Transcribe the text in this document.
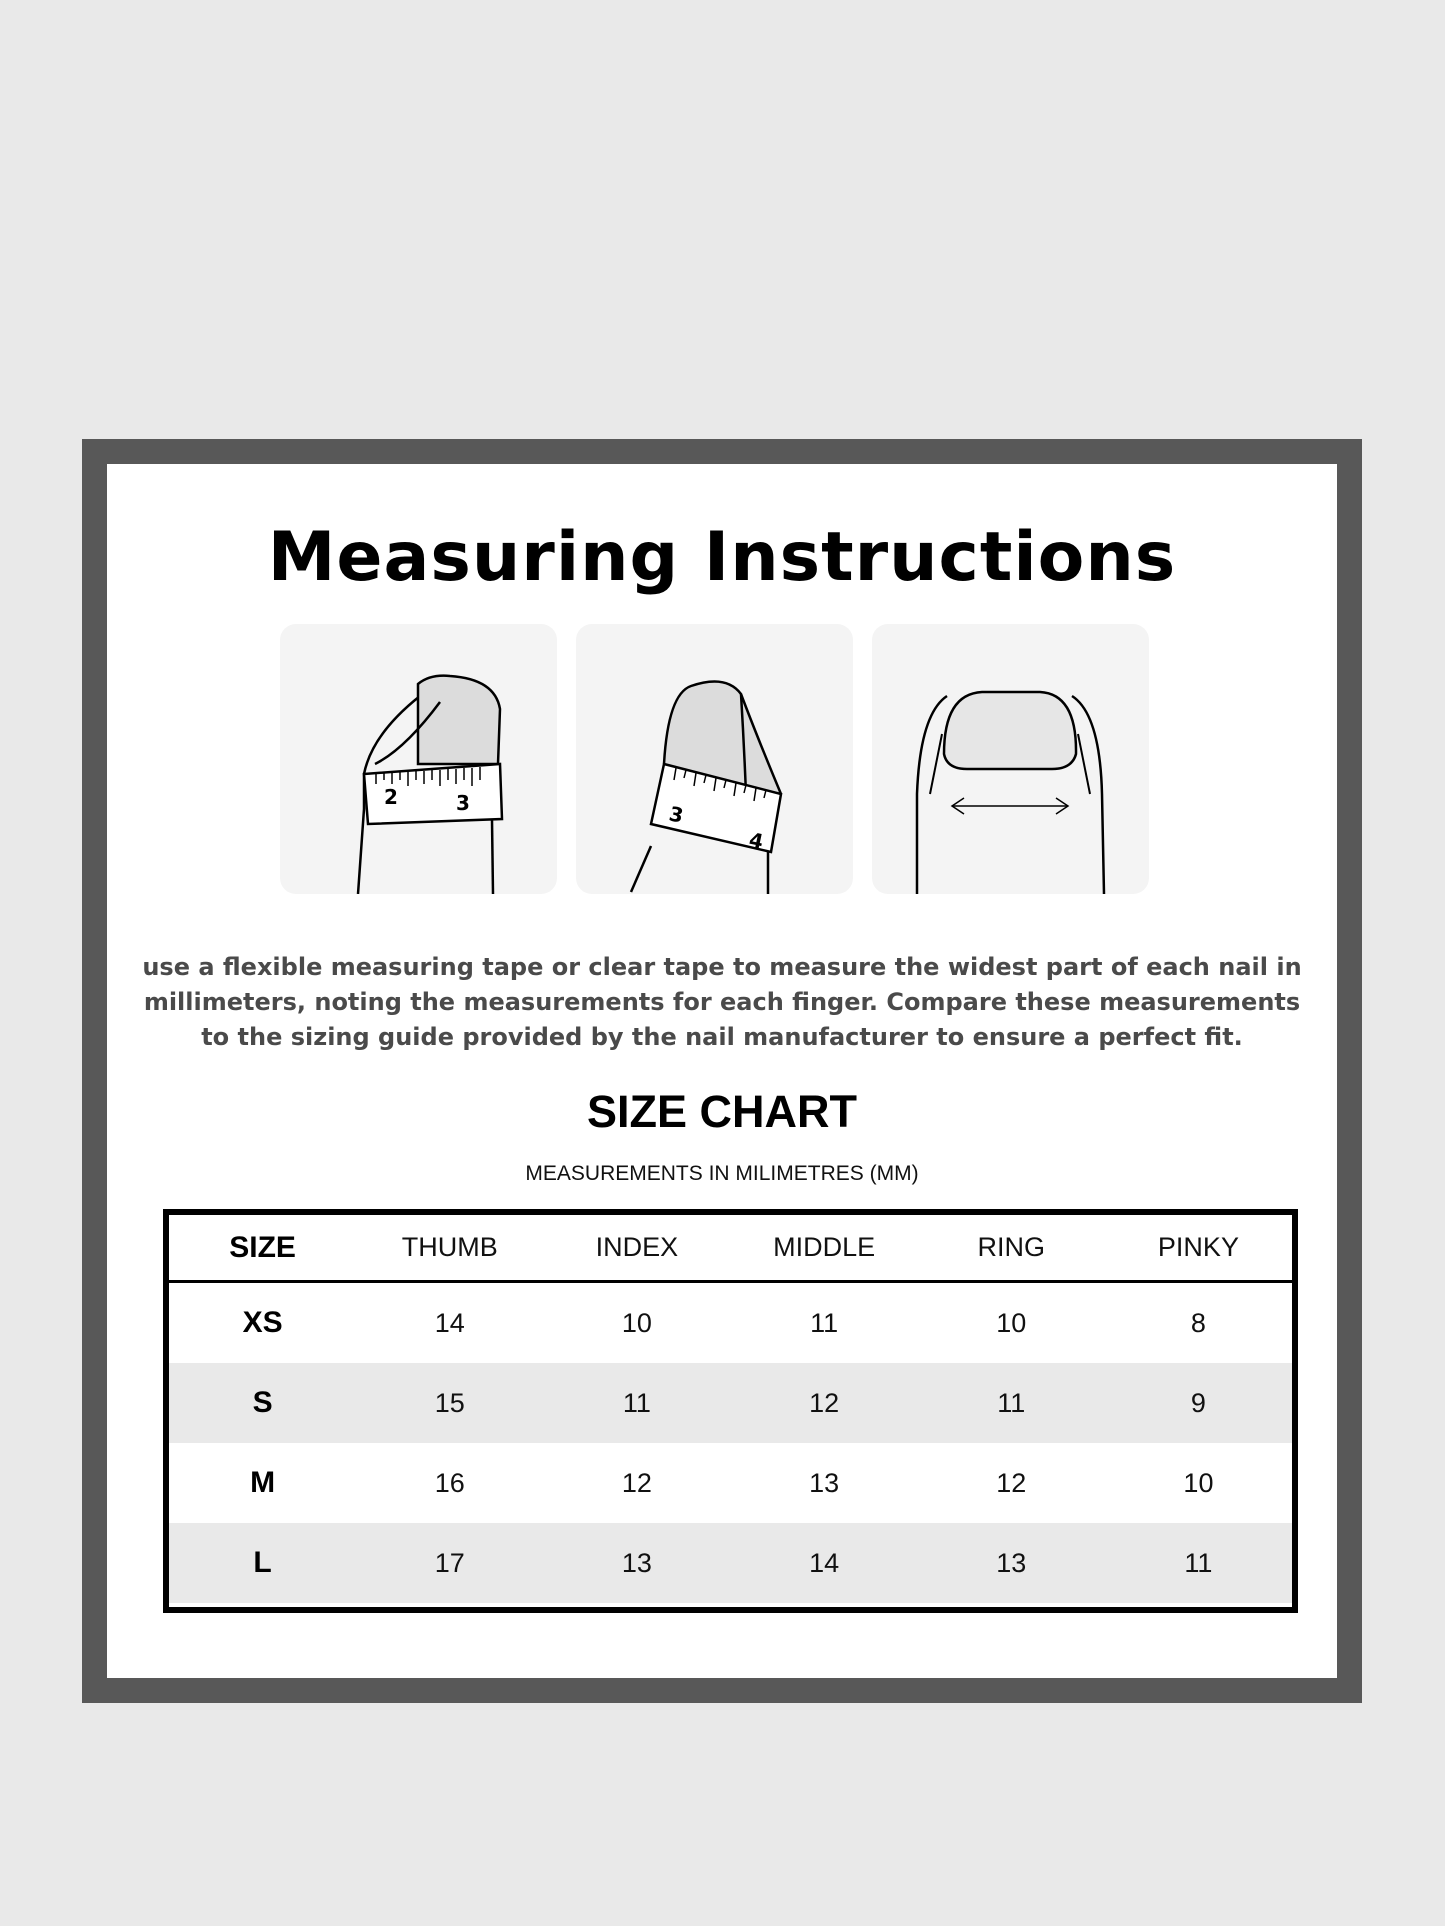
Measuring Instructions
2	3	3
4

use a flexible measuring tape or clear tape to measure the widest part of each nail in millimeters, noting the measurements for each finger. Compare these measurements to the sizing guide provided by the nail manufacturer to ensure a perfect fit.

SIZE CHART
MEASUREMENTS IN MILIMETRES (MM)
SIZE	THUMB	INDEX	MIDDLE	RING	PINKY
XS	14	10	11	10	8
S	15	11	12	11	9
M	16	12	13	12	10
L	17	13	14	13	11
